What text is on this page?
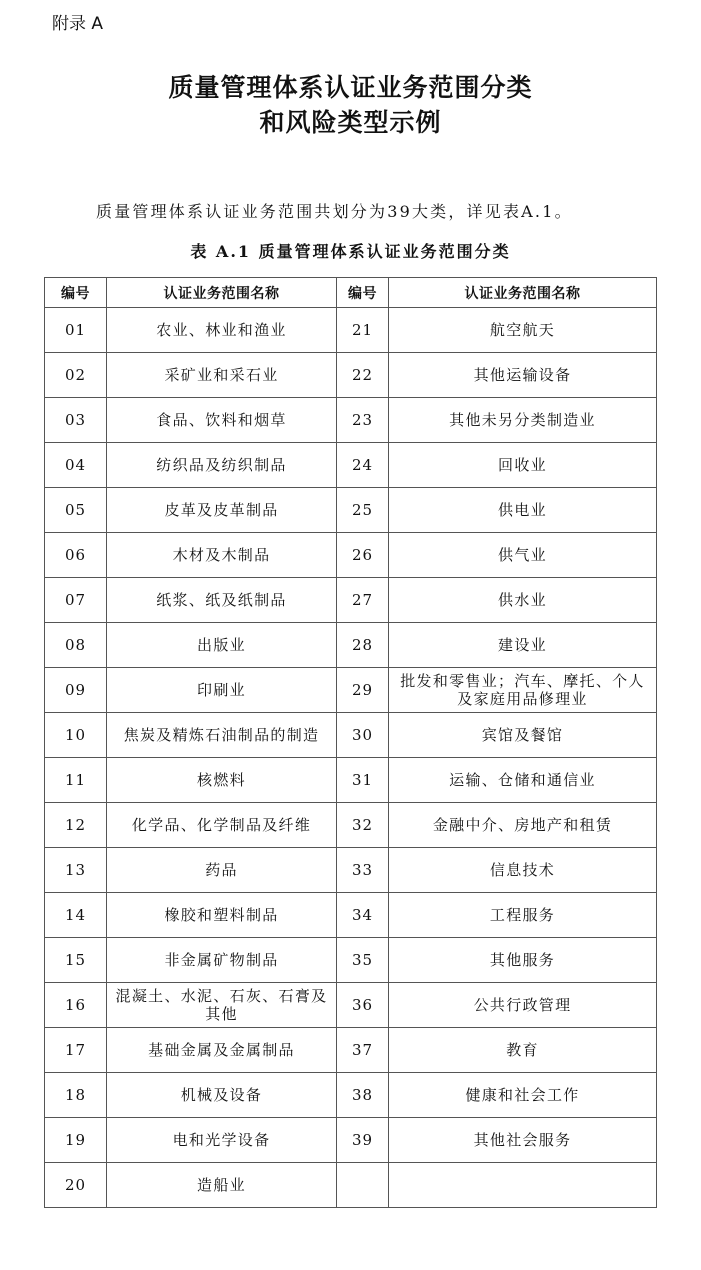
附录 A
质量管理体系认证业务范围分类
和风险类型示例
质量管理体系认证业务范围共划分为39大类，详见表A.1。
表 A.1 质量管理体系认证业务范围分类
编号	认证业务范围名称	编号	认证业务范围名称
01	农业、林业和渔业	21	航空航天
02	采矿业和采石业	22	其他运输设备
03	食品、饮料和烟草	23	其他未另分类制造业
04	纺织品及纺织制品	24	回收业
05	皮革及皮革制品	25	供电业
06	木材及木制品	26	供气业
07	纸浆、纸及纸制品	27	供水业
08	出版业	28	建设业
09	印刷业	29	批发和零售业；汽车、摩托、个人及家庭用品修理业
10	焦炭及精炼石油制品的制造	30	宾馆及餐馆
11	核燃料	31	运输、仓储和通信业
12	化学品、化学制品及纤维	32	金融中介、房地产和租赁
13	药品	33	信息技术
14	橡胶和塑料制品	34	工程服务
15	非金属矿物制品	35	其他服务
16	混凝土、水泥、石灰、石膏及其他	36	公共行政管理
17	基础金属及金属制品	37	教育
18	机械及设备	38	健康和社会工作
19	电和光学设备	39	其他社会服务
20	造船业		
